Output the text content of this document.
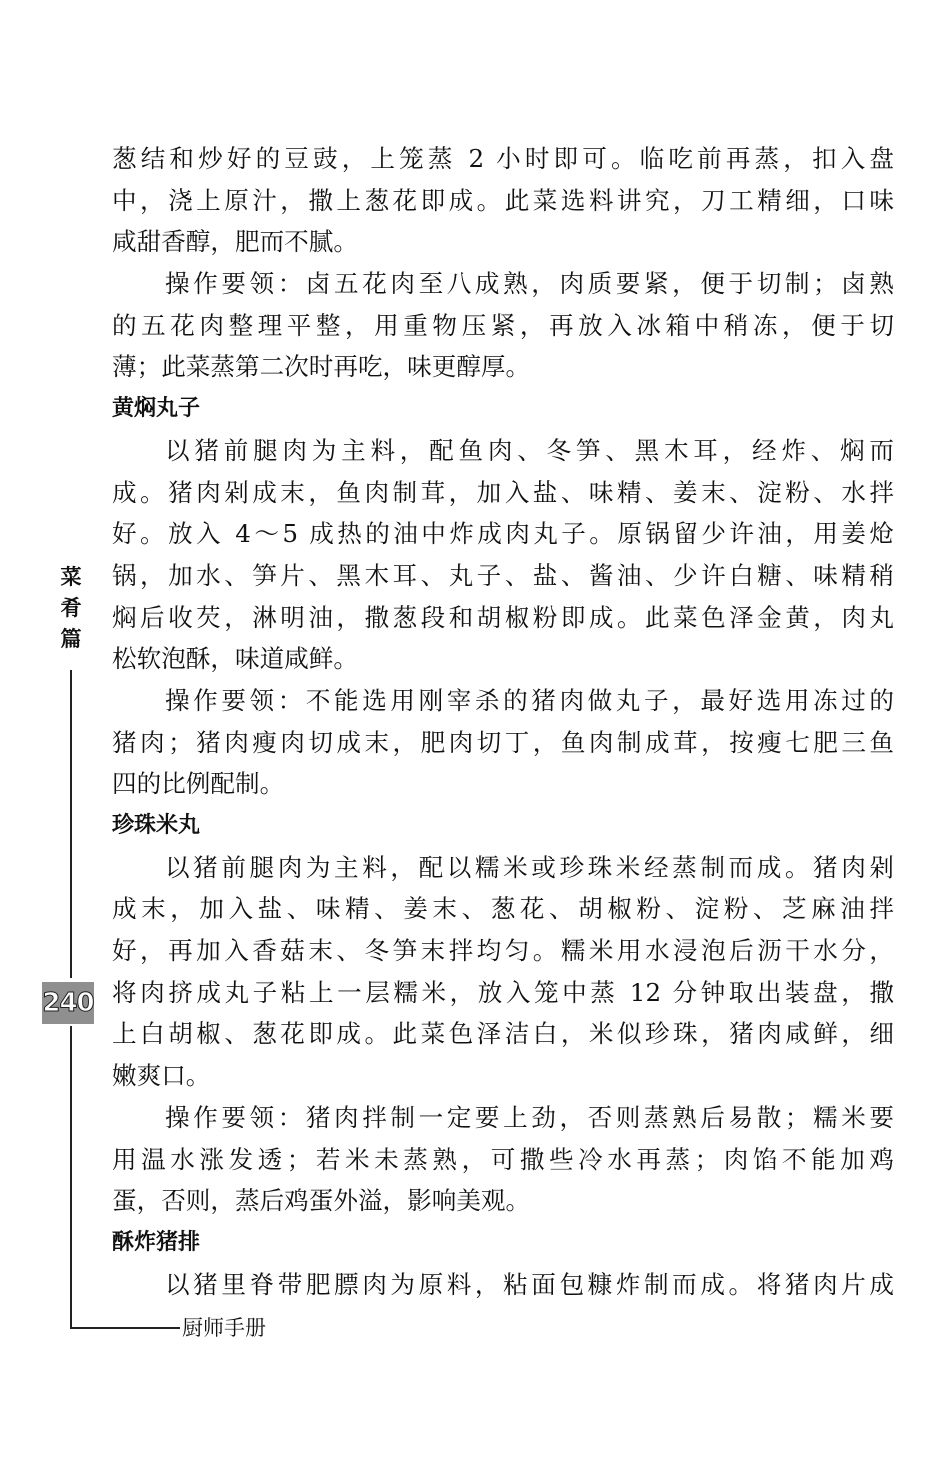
菜
肴
篇
240
厨师手册
葱结和炒好的豆豉，上笼蒸 2 小时即可。临吃前再蒸，扣入盘
中，浇上原汁，撒上葱花即成。此菜选料讲究，刀工精细，口味
咸甜香醇，肥而不腻。
操作要领：卤五花肉至八成熟，肉质要紧，便于切制；卤熟
的五花肉整理平整，用重物压紧，再放入冰箱中稍冻，便于切
薄；此菜蒸第二次时再吃，味更醇厚。
黄焖丸子
以猪前腿肉为主料，配鱼肉、冬笋、黑木耳，经炸、焖而
成。猪肉剁成末，鱼肉制茸，加入盐、味精、姜末、淀粉、水拌
好。放入 4～5 成热的油中炸成肉丸子。原锅留少许油，用姜炝
锅，加水、笋片、黑木耳、丸子、盐、酱油、少许白糖、味精稍
焖后收芡，淋明油，撒葱段和胡椒粉即成。此菜色泽金黄，肉丸
松软泡酥，味道咸鲜。
操作要领：不能选用刚宰杀的猪肉做丸子，最好选用冻过的
猪肉；猪肉瘦肉切成末，肥肉切丁，鱼肉制成茸，按瘦七肥三鱼
四的比例配制。
珍珠米丸
以猪前腿肉为主料，配以糯米或珍珠米经蒸制而成。猪肉剁
成末，加入盐、味精、姜末、葱花、胡椒粉、淀粉、芝麻油拌
好，再加入香菇末、冬笋末拌均匀。糯米用水浸泡后沥干水分，
将肉挤成丸子粘上一层糯米，放入笼中蒸 12 分钟取出装盘，撒
上白胡椒、葱花即成。此菜色泽洁白，米似珍珠，猪肉咸鲜，细
嫩爽口。
操作要领：猪肉拌制一定要上劲，否则蒸熟后易散；糯米要
用温水涨发透；若米未蒸熟，可撒些冷水再蒸；肉馅不能加鸡
蛋，否则，蒸后鸡蛋外溢，影响美观。
酥炸猪排
以猪里脊带肥膘肉为原料，粘面包糠炸制而成。将猪肉片成
